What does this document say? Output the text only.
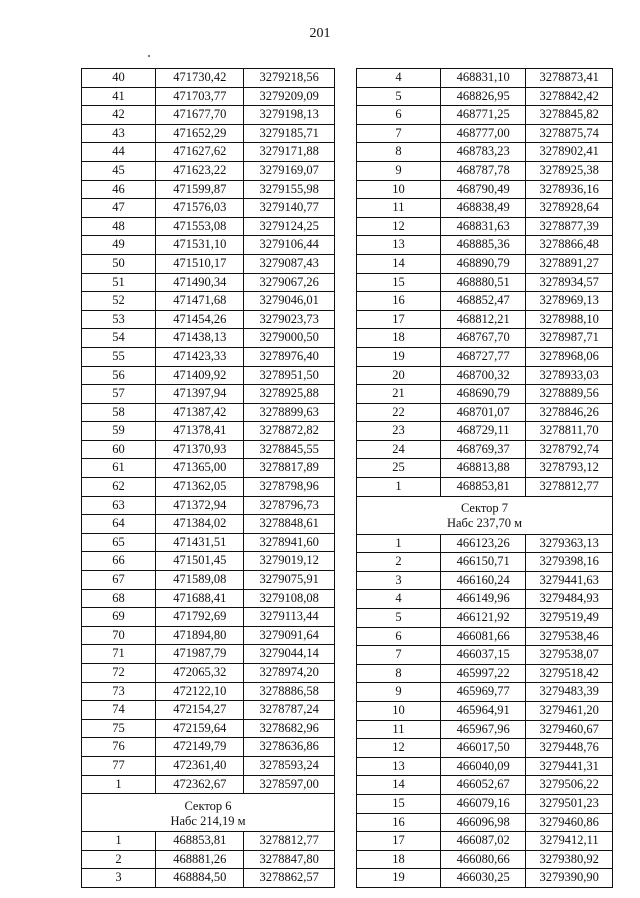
201
40	471730,42	3279218,56
41	471703,77	3279209,09
42	471677,70	3279198,13
43	471652,29	3279185,71
44	471627,62	3279171,88
45	471623,22	3279169,07
46	471599,87	3279155,98
47	471576,03	3279140,77
48	471553,08	3279124,25
49	471531,10	3279106,44
50	471510,17	3279087,43
51	471490,34	3279067,26
52	471471,68	3279046,01
53	471454,26	3279023,73
54	471438,13	3279000,50
55	471423,33	3278976,40
56	471409,92	3278951,50
57	471397,94	3278925,88
58	471387,42	3278899,63
59	471378,41	3278872,82
60	471370,93	3278845,55
61	471365,00	3278817,89
62	471362,05	3278798,96
63	471372,94	3278796,73
64	471384,02	3278848,61
65	471431,51	3278941,60
66	471501,45	3279019,12
67	471589,08	3279075,91
68	471688,41	3279108,08
69	471792,69	3279113,44
70	471894,80	3279091,64
71	471987,79	3279044,14
72	472065,32	3278974,20
73	472122,10	3278886,58
74	472154,27	3278787,24
75	472159,64	3278682,96
76	472149,79	3278636,86
77	472361,40	3278593,24
1	472362,67	3278597,00

Сектор 6
Набс 214,19 м		

1	468853,81	3278812,77
2	468881,26	3278847,80
3	468884,50	3278862,57
4	468831,10	3278873,41
5	468826,95	3278842,42
6	468771,25	3278845,82
7	468777,00	3278875,74
8	468783,23	3278902,41
9	468787,78	3278925,38
10	468790,49	3278936,16
11	468838,49	3278928,64
12	468831,63	3278877,39
13	468885,36	3278866,48
14	468890,79	3278891,27
15	468880,51	3278934,57
16	468852,47	3278969,13
17	468812,21	3278988,10
18	468767,70	3278987,71
19	468727,77	3278968,06
20	468700,32	3278933,03
21	468690,79	3278889,56
22	468701,07	3278846,26
23	468729,11	3278811,70
24	468769,37	3278792,74
25	468813,88	3278793,12
1	468853,81	3278812,77

Сектор 7
Набс 237,70 м		

1	466123,26	3279363,13
2	466150,71	3279398,16
3	466160,24	3279441,63
4	466149,96	3279484,93
5	466121,92	3279519,49
6	466081,66	3279538,46
7	466037,15	3279538,07
8	465997,22	3279518,42
9	465969,77	3279483,39
10	465964,91	3279461,20
11	465967,96	3279460,67
12	466017,50	3279448,76
13	466040,09	3279441,31
14	466052,67	3279506,22
15	466079,16	3279501,23
16	466096,98	3279460,86
17	466087,02	3279412,11
18	466080,66	3279380,92
19	466030,25	3279390,90
